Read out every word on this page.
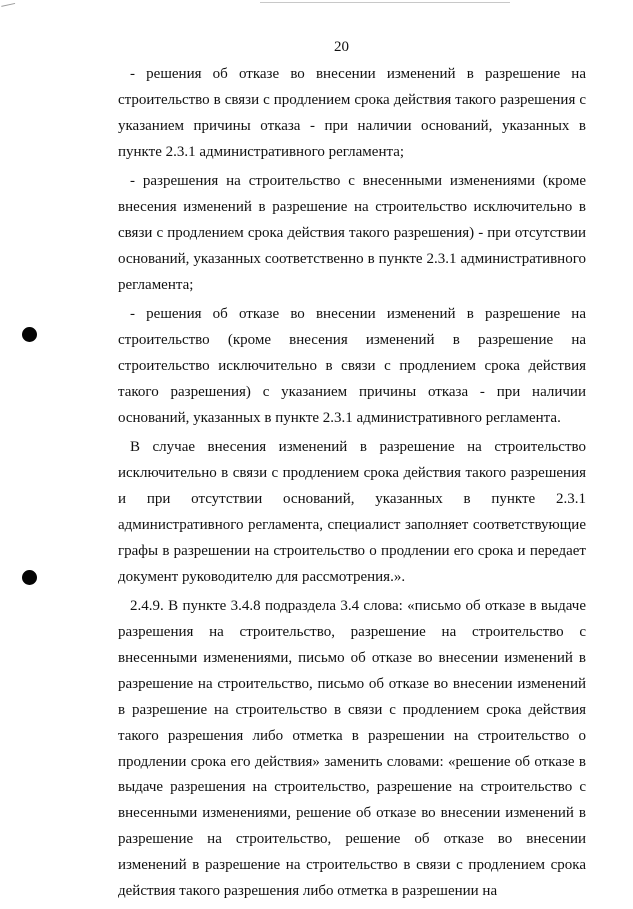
20

- решения об отказе во внесении изменений в разрешение на строительство в связи с продлением срока действия такого разрешения с указанием причины отказа - при наличии оснований, указанных в пункте 2.3.1 административного регламента;

- разрешения на строительство с внесенными изменениями (кроме внесения изменений в разрешение на строительство исключительно в связи с продлением срока действия такого разрешения) - при отсутствии оснований, указанных соответственно в пункте 2.3.1 административного регламента;

- решения об отказе во внесении изменений в разрешение на строительство (кроме внесения изменений в разрешение на строительство исключительно в связи с продлением срока действия такого разрешения) с указанием причины отказа - при наличии оснований, указанных в пункте 2.3.1 административного регламента.

В случае внесения изменений в разрешение на строительство исключительно в связи с продлением срока действия такого разрешения и при отсутствии оснований, указанных в пункте 2.3.1 административного регламента, специалист заполняет соответствующие графы в разрешении на строительство о продлении его срока и передает документ руководителю для рассмотрения.».

2.4.9. В пункте 3.4.8 подраздела 3.4 слова: «письмо об отказе в выдаче разрешения на строительство, разрешение на строительство с внесенными изменениями, письмо об отказе во внесении изменений в разрешение на строительство, письмо об отказе во внесении изменений в разрешение на строительство в связи с продлением срока действия такого разрешения либо отметка в разрешении на строительство о продлении срока его действия» заменить словами: «решение об отказе в выдаче разрешения на строительство, разрешение на строительство с внесенными изменениями, решение об отказе во внесении изменений в разрешение на строительство, решение об отказе во внесении изменений в разрешение на строительство в связи с продлением срока действия такого разрешения либо отметка в разрешении на
